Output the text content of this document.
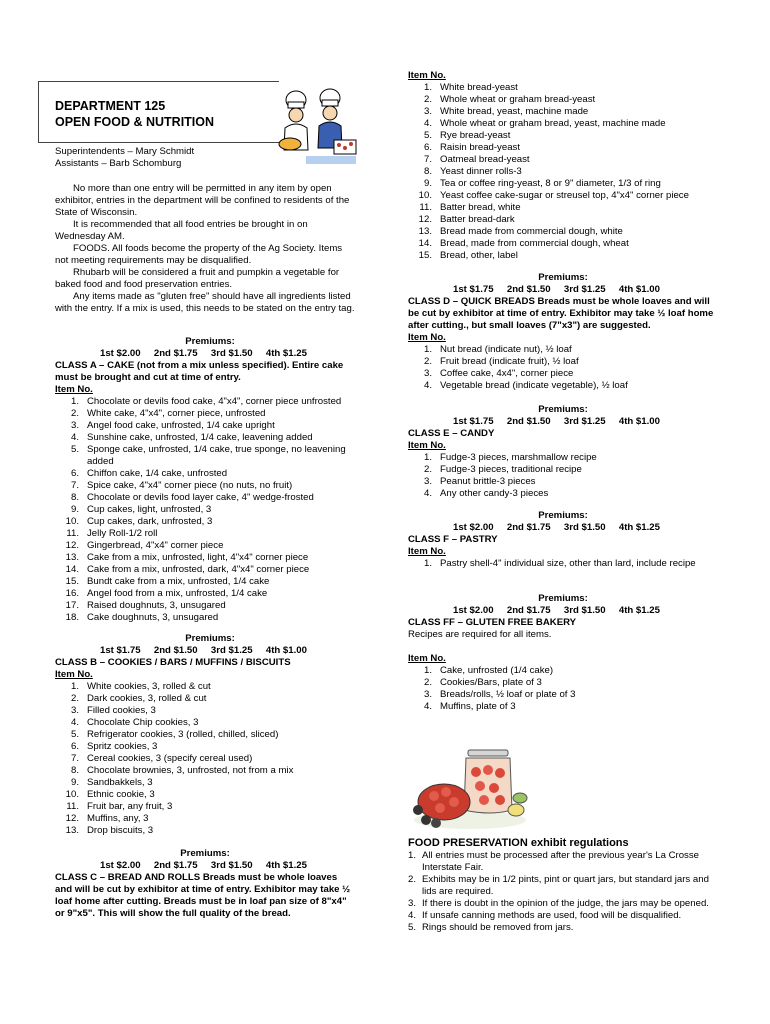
DEPARTMENT 125
OPEN FOOD & NUTRITION

Superintendents – Mary Schmidt

Assistants – Barb Schomburg

No more than one entry will be permitted in any item by open exhibitor, entries in the department will be confined to residents of the State of Wisconsin.

It is recommended that all food entries be brought in on Wednesday AM.

FOODS. All foods become the property of the Ag Society. Items not meeting requirements may be disqualified.

Rhubarb will be considered a fruit and pumpkin a vegetable for baked food and food preservation entries.

Any items made as "gluten free" should have all ingredients listed with the entry. If a mix is used, this needs to be stated on the entry tag.

Premiums:

1st $2.00     2nd $1.75     3rd $1.50     4th $1.25

CLASS A – CAKE (not from a mix unless specified). Entire cake must be brought and cut at time of entry.

Item No.

1. Chocolate or devils food cake, 4"x4", corner piece unfrosted
2. White cake, 4"x4", corner piece, unfrosted
3. Angel food cake, unfrosted, 1/4 cake upright
4. Sunshine cake, unfrosted, 1/4 cake, leavening added
5. Sponge cake, unfrosted, 1/4 cake, true sponge, no leavening added
6. Chiffon cake, 1/4 cake, unfrosted
7. Spice cake, 4"x4" corner piece (no nuts, no fruit)
8. Chocolate or devils food layer cake, 4" wedge-frosted
9. Cup cakes, light, unfrosted, 3
10. Cup cakes, dark, unfrosted, 3
11. Jelly Roll-1/2 roll
12. Gingerbread, 4"x4" corner piece
13. Cake from a mix, unfrosted, light, 4"x4" corner piece
14. Cake from a mix, unfrosted, dark, 4"x4" corner piece
15. Bundt cake from a mix, unfrosted, 1/4 cake
16. Angel food from a mix, unfrosted, 1/4 cake
17. Raised doughnuts, 3, unsugared
18. Cake doughnuts, 3, unsugared

Premiums:

1st $1.75     2nd $1.50     3rd $1.25     4th $1.00

CLASS B – COOKIES / BARS / MUFFINS / BISCUITS

Item No.

1. White cookies, 3, rolled & cut
2. Dark cookies, 3, rolled & cut
3. Filled cookies, 3
4. Chocolate Chip cookies, 3
5. Refrigerator cookies, 3 (rolled, chilled, sliced)
6. Spritz cookies, 3
7. Cereal cookies, 3 (specify cereal used)
8. Chocolate brownies, 3, unfrosted, not from a mix
9. Sandbakkels, 3
10. Ethnic cookie, 3
11. Fruit bar, any fruit, 3
12. Muffins, any, 3
13. Drop biscuits, 3

Premiums:

1st $2.00     2nd $1.75     3rd $1.50     4th $1.25

CLASS C – BREAD AND ROLLS Breads must be whole loaves and will be cut by exhibitor at time of entry. Exhibitor may take ½ loaf home after cutting. Breads must be in loaf pan size of 8"x4" or 9"x5". This will show the full quality of the bread.

Item No.

1. White bread-yeast
2. Whole wheat or graham bread-yeast
3. White bread, yeast, machine made
4. Whole wheat or graham bread, yeast, machine made
5. Rye bread-yeast
6. Raisin bread-yeast
7. Oatmeal bread-yeast
8. Yeast dinner rolls-3
9. Tea or coffee ring-yeast, 8 or 9" diameter, 1/3 of ring
10. Yeast coffee cake-sugar or streusel top, 4"x4" corner piece
11. Batter bread, white
12. Batter bread-dark
13. Bread made from commercial dough, white
14. Bread, made from commercial dough, wheat
15. Bread, other, label

Premiums:

1st $1.75     2nd $1.50     3rd $1.25     4th $1.00

CLASS D – QUICK BREADS Breads must be whole loaves and will be cut by exhibitor at time of entry. Exhibitor may take ½ loaf home after cutting., but small loaves (7"x3") are suggested.

Item No.

1. Nut bread (indicate nut), ½ loaf
2. Fruit bread (indicate fruit), ½ loaf
3. Coffee cake, 4x4", corner piece
4. Vegetable bread (indicate vegetable), ½ loaf

Premiums:

1st $1.75     2nd $1.50     3rd $1.25     4th $1.00

CLASS E – CANDY

Item No.

1. Fudge-3 pieces, marshmallow recipe
2. Fudge-3 pieces, traditional recipe
3. Peanut brittle-3 pieces
4. Any other candy-3 pieces

Premiums:

1st $2.00     2nd $1.75     3rd $1.50     4th $1.25

CLASS F – PASTRY

Item No.

1. Pastry shell-4" individual size, other than lard, include recipe

Premiums:

1st $2.00     2nd $1.75     3rd $1.50     4th $1.25

CLASS FF – GLUTEN FREE BAKERY

Recipes are required for all items.

Item No.

1. Cake, unfrosted (1/4 cake)
2. Cookies/Bars, plate of 3
3. Breads/rolls, ½ loaf or plate of 3
4. Muffins, plate of 3

FOOD PRESERVATION exhibit regulations

1. All entries must be processed after the previous year's La Crosse Interstate Fair.
2. Exhibits may be in 1/2 pints, pint or quart jars, but standard jars and lids are required.
3. If there is doubt in the opinion of the judge, the jars may be opened.
4. If unsafe canning methods are used, food will be disqualified.
5. Rings should be removed from jars.
